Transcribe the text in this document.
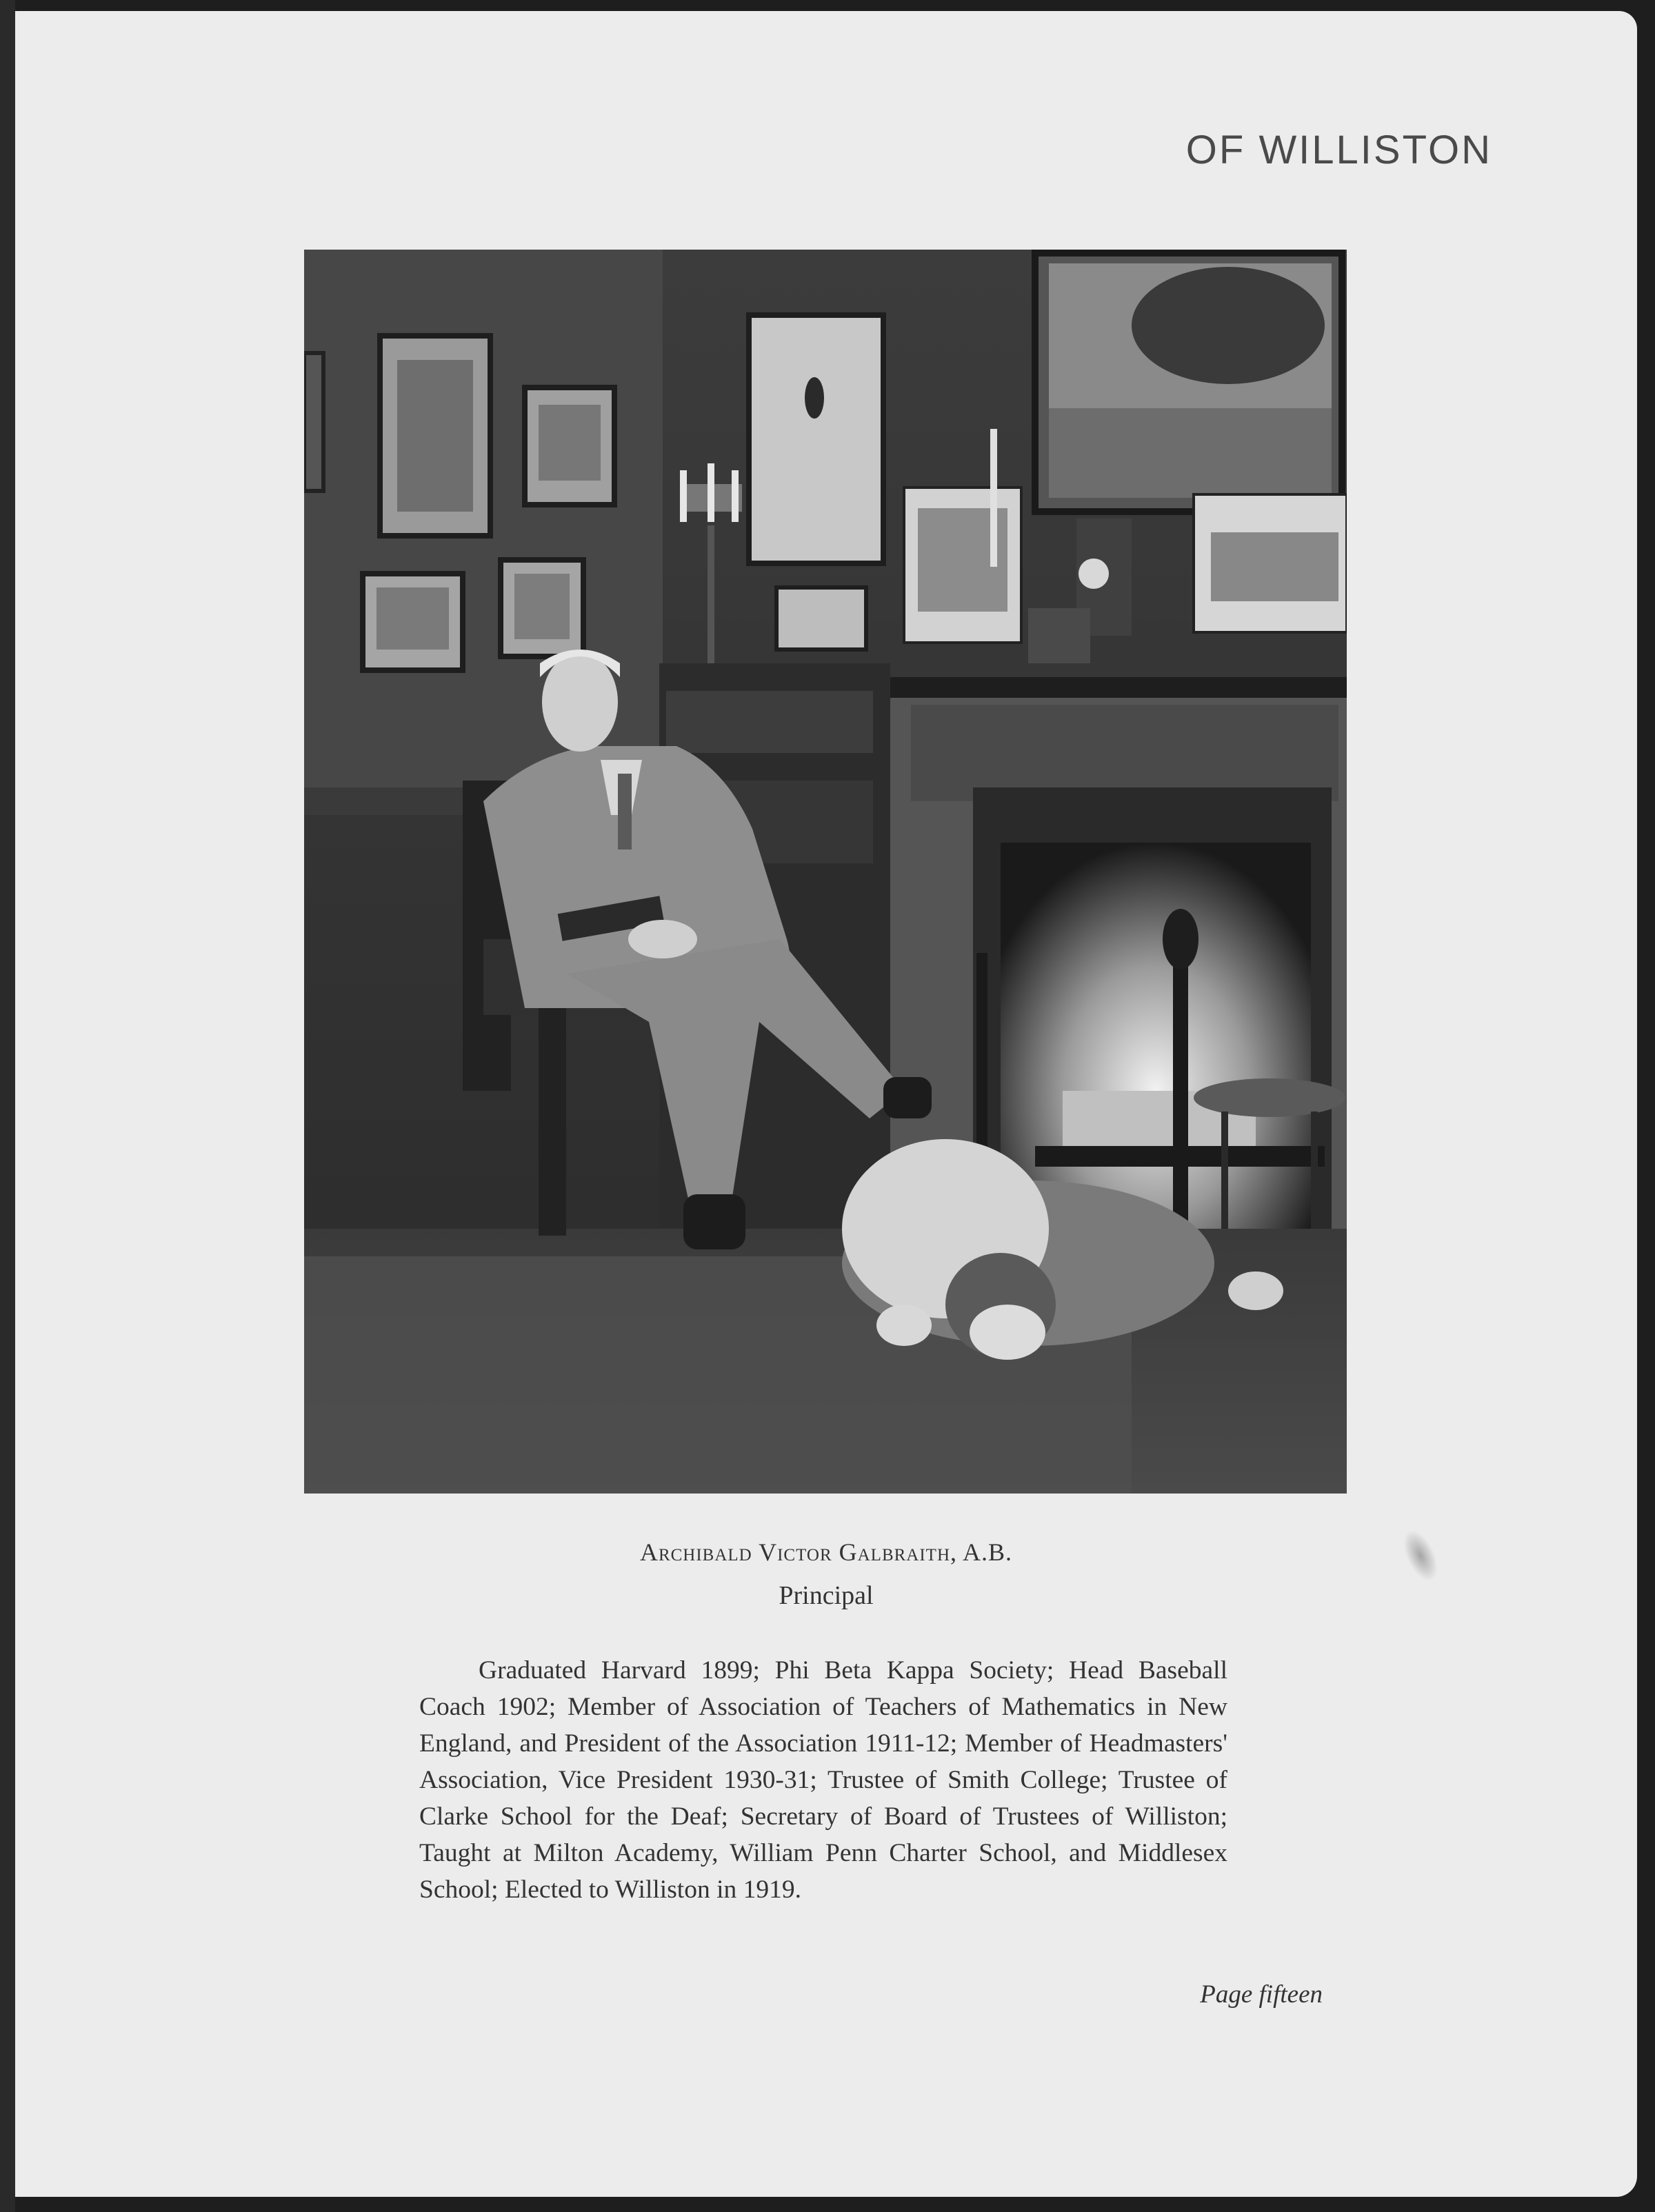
OF WILLISTON
Archibald Victor Galbraith, A.B.
Principal

Graduated Harvard 1899; Phi Beta Kappa Society; Head Baseball Coach 1902; Member of Association of Teachers of Mathematics in New England, and President of the Association 1911-12; Member of Headmasters' Association, Vice President 1930-31; Trustee of Smith College; Trustee of Clarke School for the Deaf; Secretary of Board of Trustees of Williston; Taught at Milton Academy, William Penn Charter School, and Middlesex School; Elected to Williston in 1919.

Page fifteen
